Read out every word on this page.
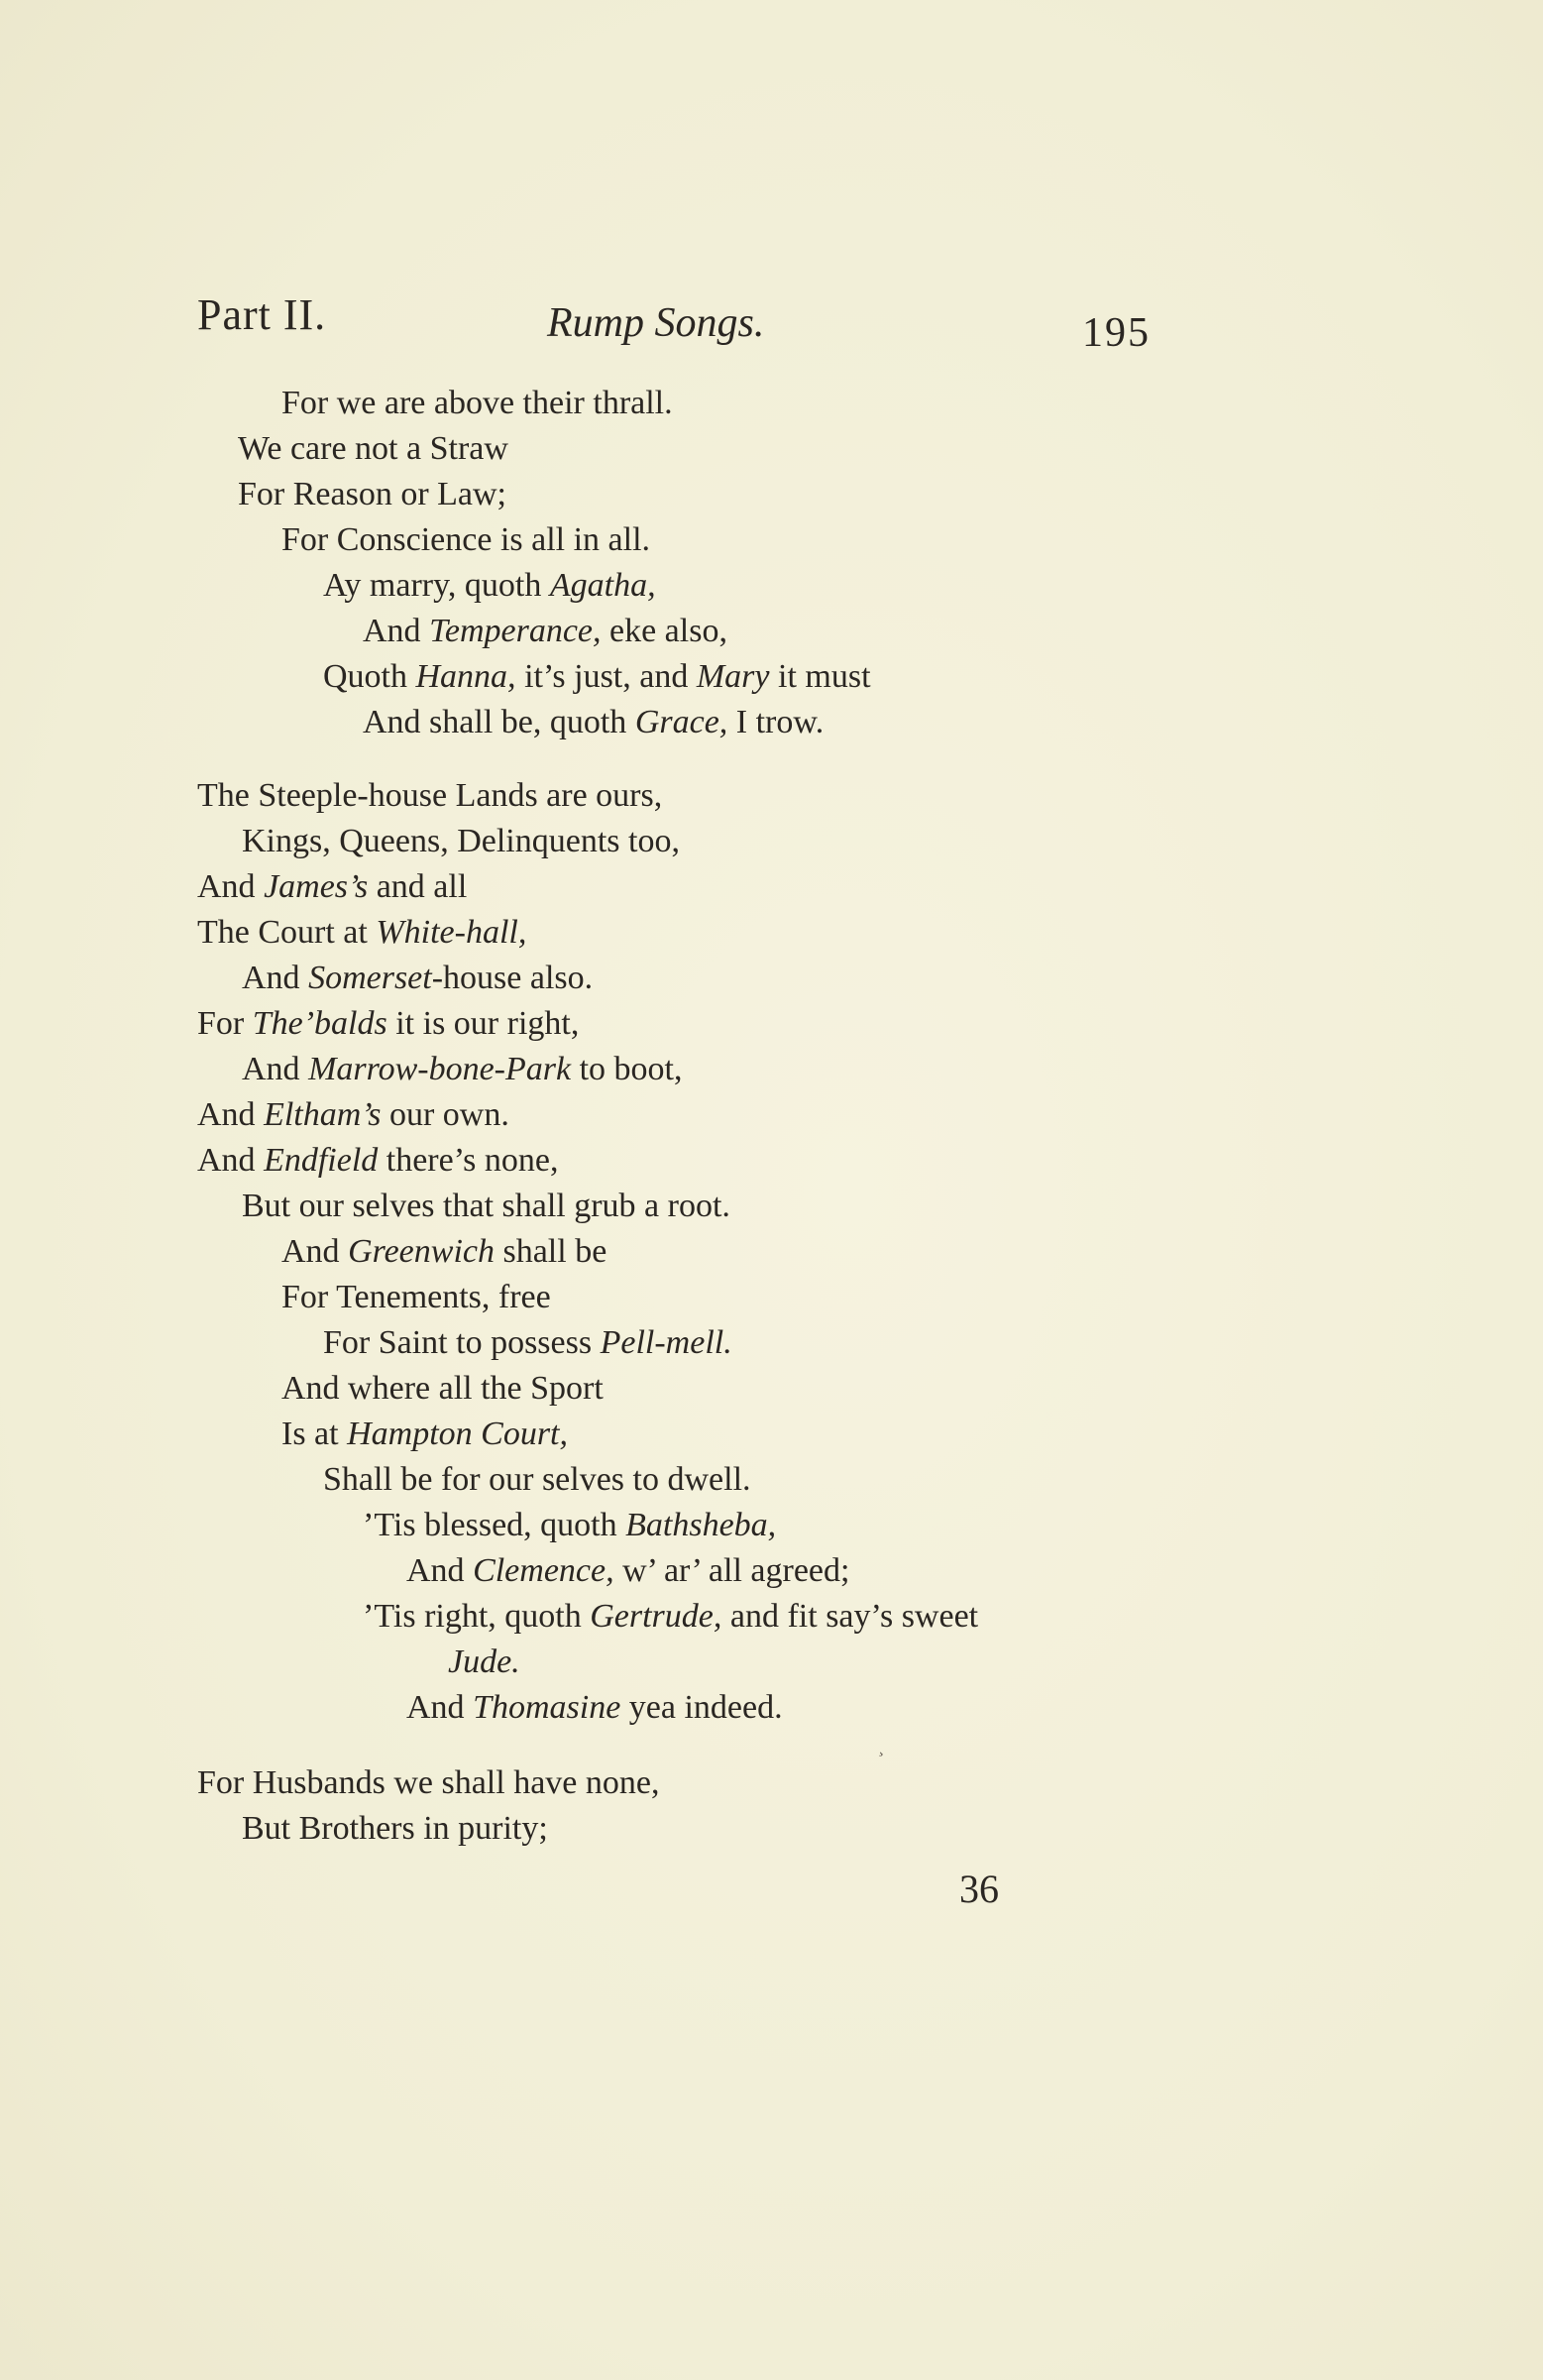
Part II.	Rump Songs.	195
For we are above their thrall.
We care not a Straw
For Reason or Law;
For Conscience is all in all.
Ay marry, quoth Agatha,
And Temperance, eke also,
Quoth Hanna, it’s just, and Mary it must
And shall be, quoth Grace, I trow.
The Steeple-house Lands are ours,
Kings, Queens, Delinquents too,
And James’s and all
The Court at White-hall,
And Somerset-house also.
For The’balds it is our right,
And Marrow-bone-Park to boot,
And Eltham’s our own.
And Endfield there’s none,
But our selves that shall grub a root.
And Greenwich shall be
For Tenements, free
For Saint to possess Pell-mell.
And where all the Sport
Is at Hampton Court,
Shall be for our selves to dwell.
’Tis blessed, quoth Bathsheba,
And Clemence, w’ ar’ all agreed;
’Tis right, quoth Gertrude, and fit say’s sweet
Jude.
And Thomasine yea indeed.
For Husbands we shall have none,
But Brothers in purity;
¸
36
